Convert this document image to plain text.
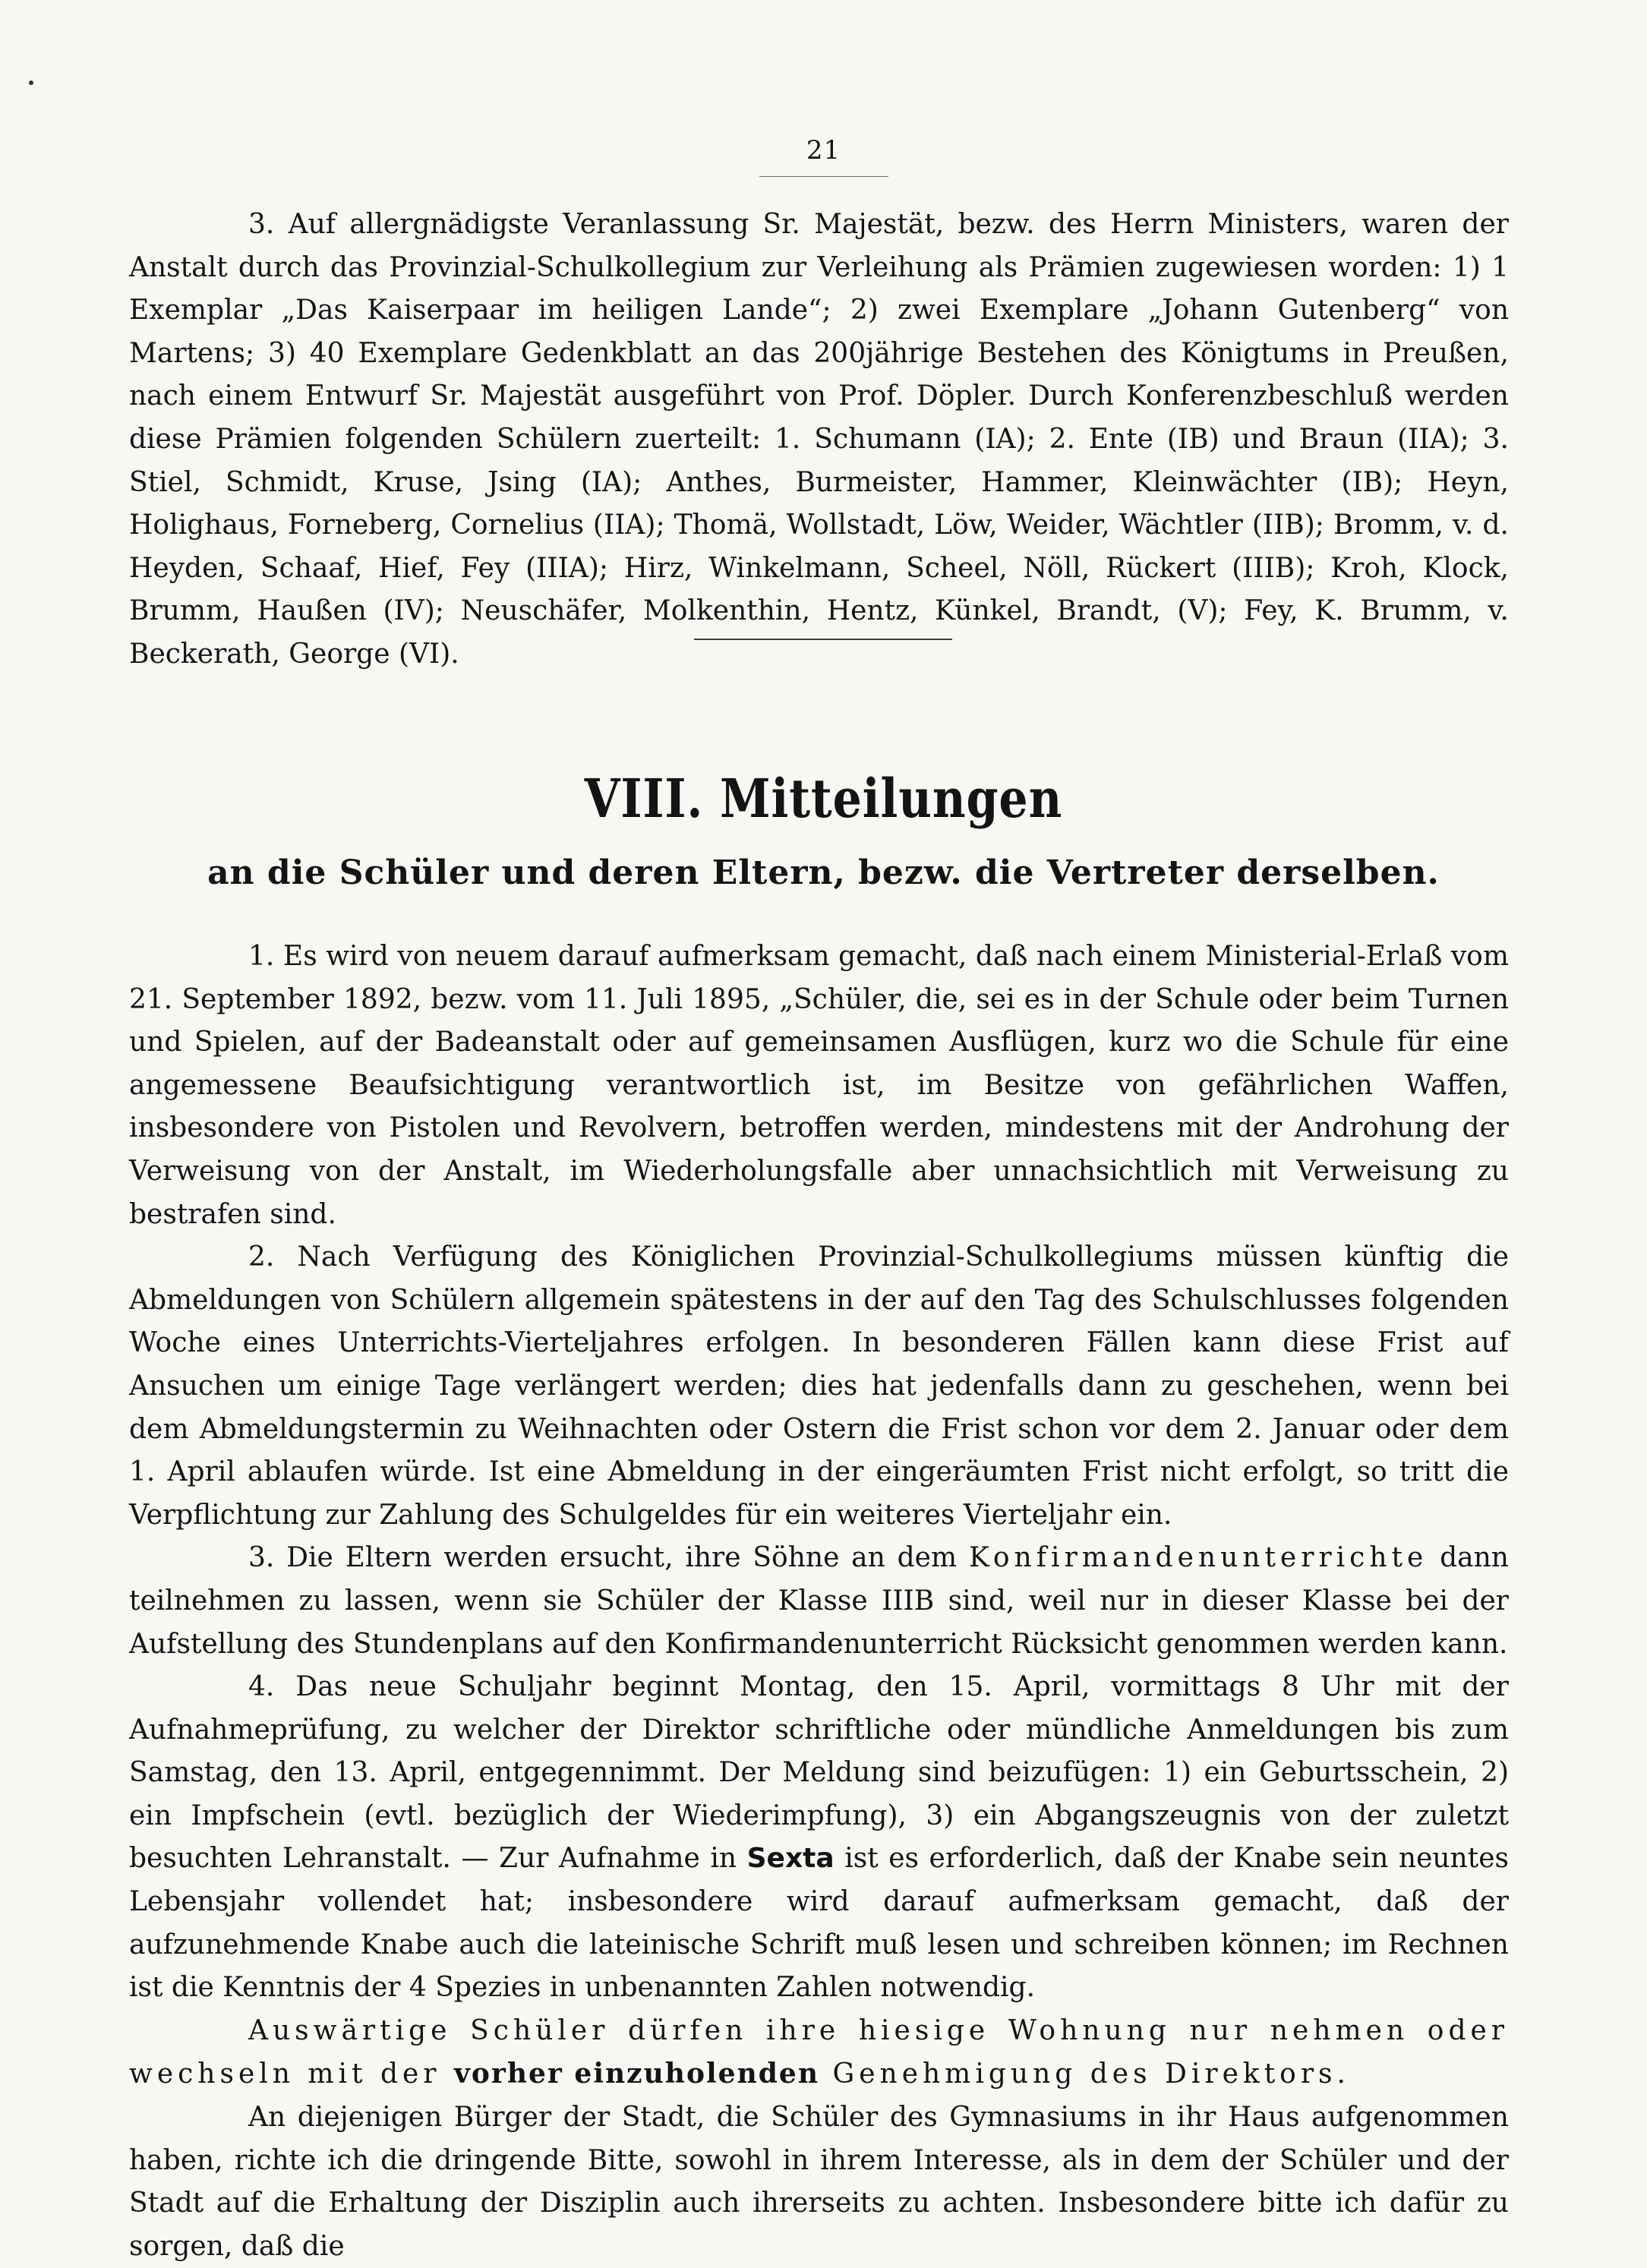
21

3. Auf allergnädigste Veranlassung Sr. Majestät, bezw. des Herrn Ministers, waren der Anstalt durch das Provinzial-Schulkollegium zur Verleihung als Prämien zugewiesen worden: 1) 1 Exemplar „Das Kaiserpaar im heiligen Lande“; 2) zwei Exemplare „Johann Gutenberg“ von Martens; 3) 40 Exemplare Gedenkblatt an das 200jährige Bestehen des Königtums in Preußen, nach einem Entwurf Sr. Majestät ausgeführt von Prof. Döpler. Durch Konferenzbeschluß werden diese Prämien folgenden Schülern zuerteilt: 1. Schumann (IA); 2. Ente (IB) und Braun (IIA); 3. Stiel, Schmidt, Kruse, Jsing (IA); Anthes, Burmeister, Hammer, Kleinwächter (IB); Heyn, Holighaus, Forneberg, Cornelius (IIA); Thomä, Wollstadt, Löw, Weider, Wächtler (IIB); Bromm, v. d. Heyden, Schaaf, Hief, Fey (IIIA); Hirz, Winkelmann, Scheel, Nöll, Rückert (IIIB); Kroh, Klock, Brumm, Haußen (IV); Neuschäfer, Molkenthin, Hentz, Künkel, Brandt, (V); Fey, K. Brumm, v. Beckerath, George (VI).

VIII. Mitteilungen
an die Schüler und deren Eltern, bezw. die Vertreter derselben.

1. Es wird von neuem darauf aufmerksam gemacht, daß nach einem Ministerial-Erlaß vom 21. September 1892, bezw. vom 11. Juli 1895, „Schüler, die, sei es in der Schule oder beim Turnen und Spielen, auf der Badeanstalt oder auf gemeinsamen Ausflügen, kurz wo die Schule für eine angemessene Beaufsichtigung verantwortlich ist, im Besitze von gefährlichen Waffen, insbesondere von Pistolen und Revolvern, betroffen werden, mindestens mit der Androhung der Verweisung von der Anstalt, im Wiederholungsfalle aber unnachsichtlich mit Verweisung zu bestrafen sind.

2. Nach Verfügung des Königlichen Provinzial-Schulkollegiums müssen künftig die Abmeldungen von Schülern allgemein spätestens in der auf den Tag des Schulschlusses folgenden Woche eines Unterrichts-Vierteljahres erfolgen. In besonderen Fällen kann diese Frist auf Ansuchen um einige Tage verlängert werden; dies hat jedenfalls dann zu geschehen, wenn bei dem Abmeldungstermin zu Weihnachten oder Ostern die Frist schon vor dem 2. Januar oder dem 1. April ablaufen würde. Ist eine Abmeldung in der eingeräumten Frist nicht erfolgt, so tritt die Verpflichtung zur Zahlung des Schulgeldes für ein weiteres Vierteljahr ein.

3. Die Eltern werden ersucht, ihre Söhne an dem Konfirmandenunterrichte dann teilnehmen zu lassen, wenn sie Schüler der Klasse IIIB sind, weil nur in dieser Klasse bei der Aufstellung des Stundenplans auf den Konfirmandenunterricht Rücksicht genommen werden kann.

4. Das neue Schuljahr beginnt Montag, den 15. April, vormittags 8 Uhr mit der Aufnahmeprüfung, zu welcher der Direktor schriftliche oder mündliche Anmeldungen bis zum Samstag, den 13. April, entgegennimmt. Der Meldung sind beizufügen: 1) ein Geburtsschein, 2) ein Impfschein (evtl. bezüglich der Wiederimpfung), 3) ein Abgangszeugnis von der zuletzt besuchten Lehranstalt. — Zur Aufnahme in Sexta ist es erforderlich, daß der Knabe sein neuntes Lebensjahr vollendet hat; insbesondere wird darauf aufmerksam gemacht, daß der aufzunehmende Knabe auch die lateinische Schrift muß lesen und schreiben können; im Rechnen ist die Kenntnis der 4 Spezies in unbenannten Zahlen notwendig.

Auswärtige Schüler dürfen ihre hiesige Wohnung nur nehmen oder wechseln mit der vorher einzuholenden Genehmigung des Direktors.

An diejenigen Bürger der Stadt, die Schüler des Gymnasiums in ihr Haus aufgenommen haben, richte ich die dringende Bitte, sowohl in ihrem Interesse, als in dem der Schüler und der Stadt auf die Erhaltung der Disziplin auch ihrerseits zu achten. Insbesondere bitte ich dafür zu sorgen, daß die
